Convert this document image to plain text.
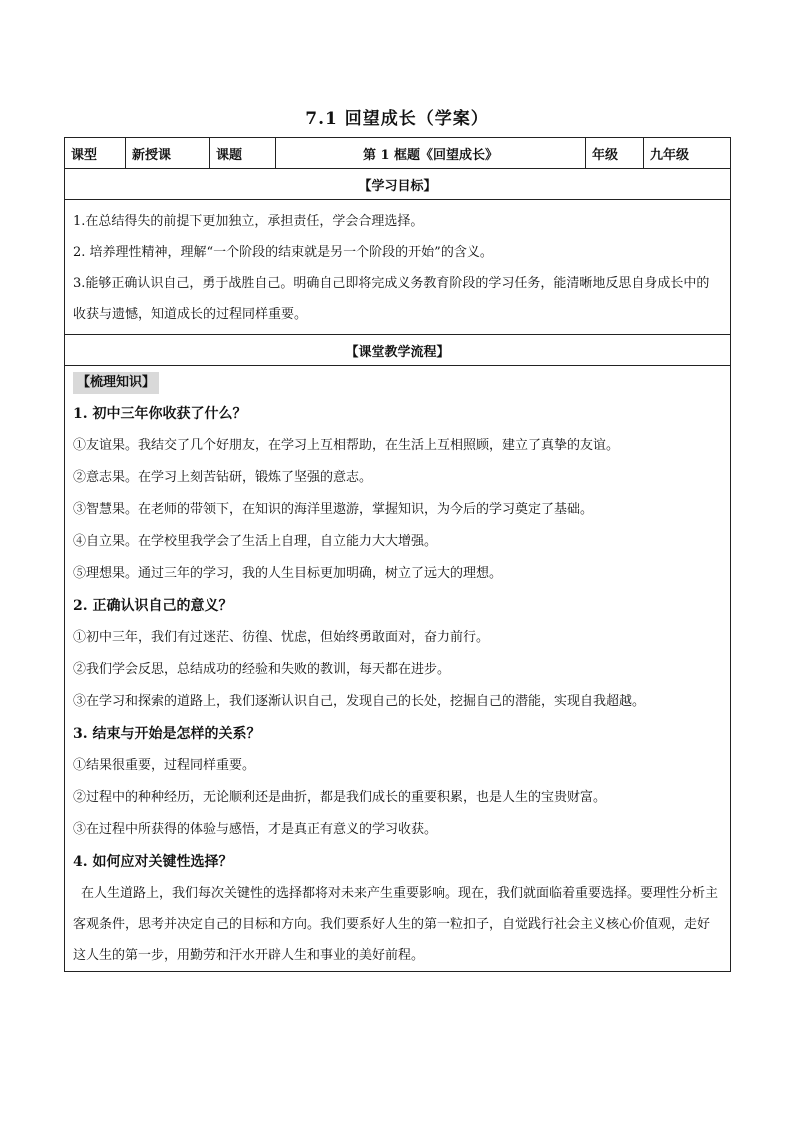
7.1 回望成长（学案）
课型	新授课	课题	第 1 框题《回望成长》	年级	九年级
【学习目标】

1.在总结得失的前提下更加独立，承担责任，学会合理选择。

2. 培养理性精神，理解“一个阶段的结束就是另一个阶段的开始”的含义。

3.能够正确认识自己，勇于战胜自己。明确自己即将完成义务教育阶段的学习任务，能清晰地反思自身成长中的收获与遗憾，知道成长的过程同样重要。

【课堂教学流程】
【梳理知识】

1. 初中三年你收获了什么？

①友谊果。我结交了几个好朋友，在学习上互相帮助，在生活上互相照顾，建立了真挚的友谊。

②意志果。在学习上刻苦钻研，锻炼了坚强的意志。

③智慧果。在老师的带领下，在知识的海洋里遨游，掌握知识，为今后的学习奠定了基础。

④自立果。在学校里我学会了生活上自理，自立能力大大增强。

⑤理想果。通过三年的学习，我的人生目标更加明确，树立了远大的理想。

2. 正确认识自己的意义？

①初中三年，我们有过迷茫、彷徨、忧虑，但始终勇敢面对，奋力前行。

②我们学会反思，总结成功的经验和失败的教训，每天都在进步。

③在学习和探索的道路上，我们逐渐认识自己，发现自己的长处，挖掘自己的潜能，实现自我超越。

3. 结束与开始是怎样的关系？

①结果很重要，过程同样重要。

②过程中的种种经历，无论顺利还是曲折，都是我们成长的重要积累，也是人生的宝贵财富。

③在过程中所获得的体验与感悟，才是真正有意义的学习收获。

4. 如何应对关键性选择？

在人生道路上，我们每次关键性的选择都将对未来产生重要影响。现在，我们就面临着重要选择。要理性分析主客观条件，思考并决定自己的目标和方向。我们要系好人生的第一粒扣子，自觉践行社会主义核心价值观，走好这人生的第一步，用勤劳和汗水开辟人生和事业的美好前程。
